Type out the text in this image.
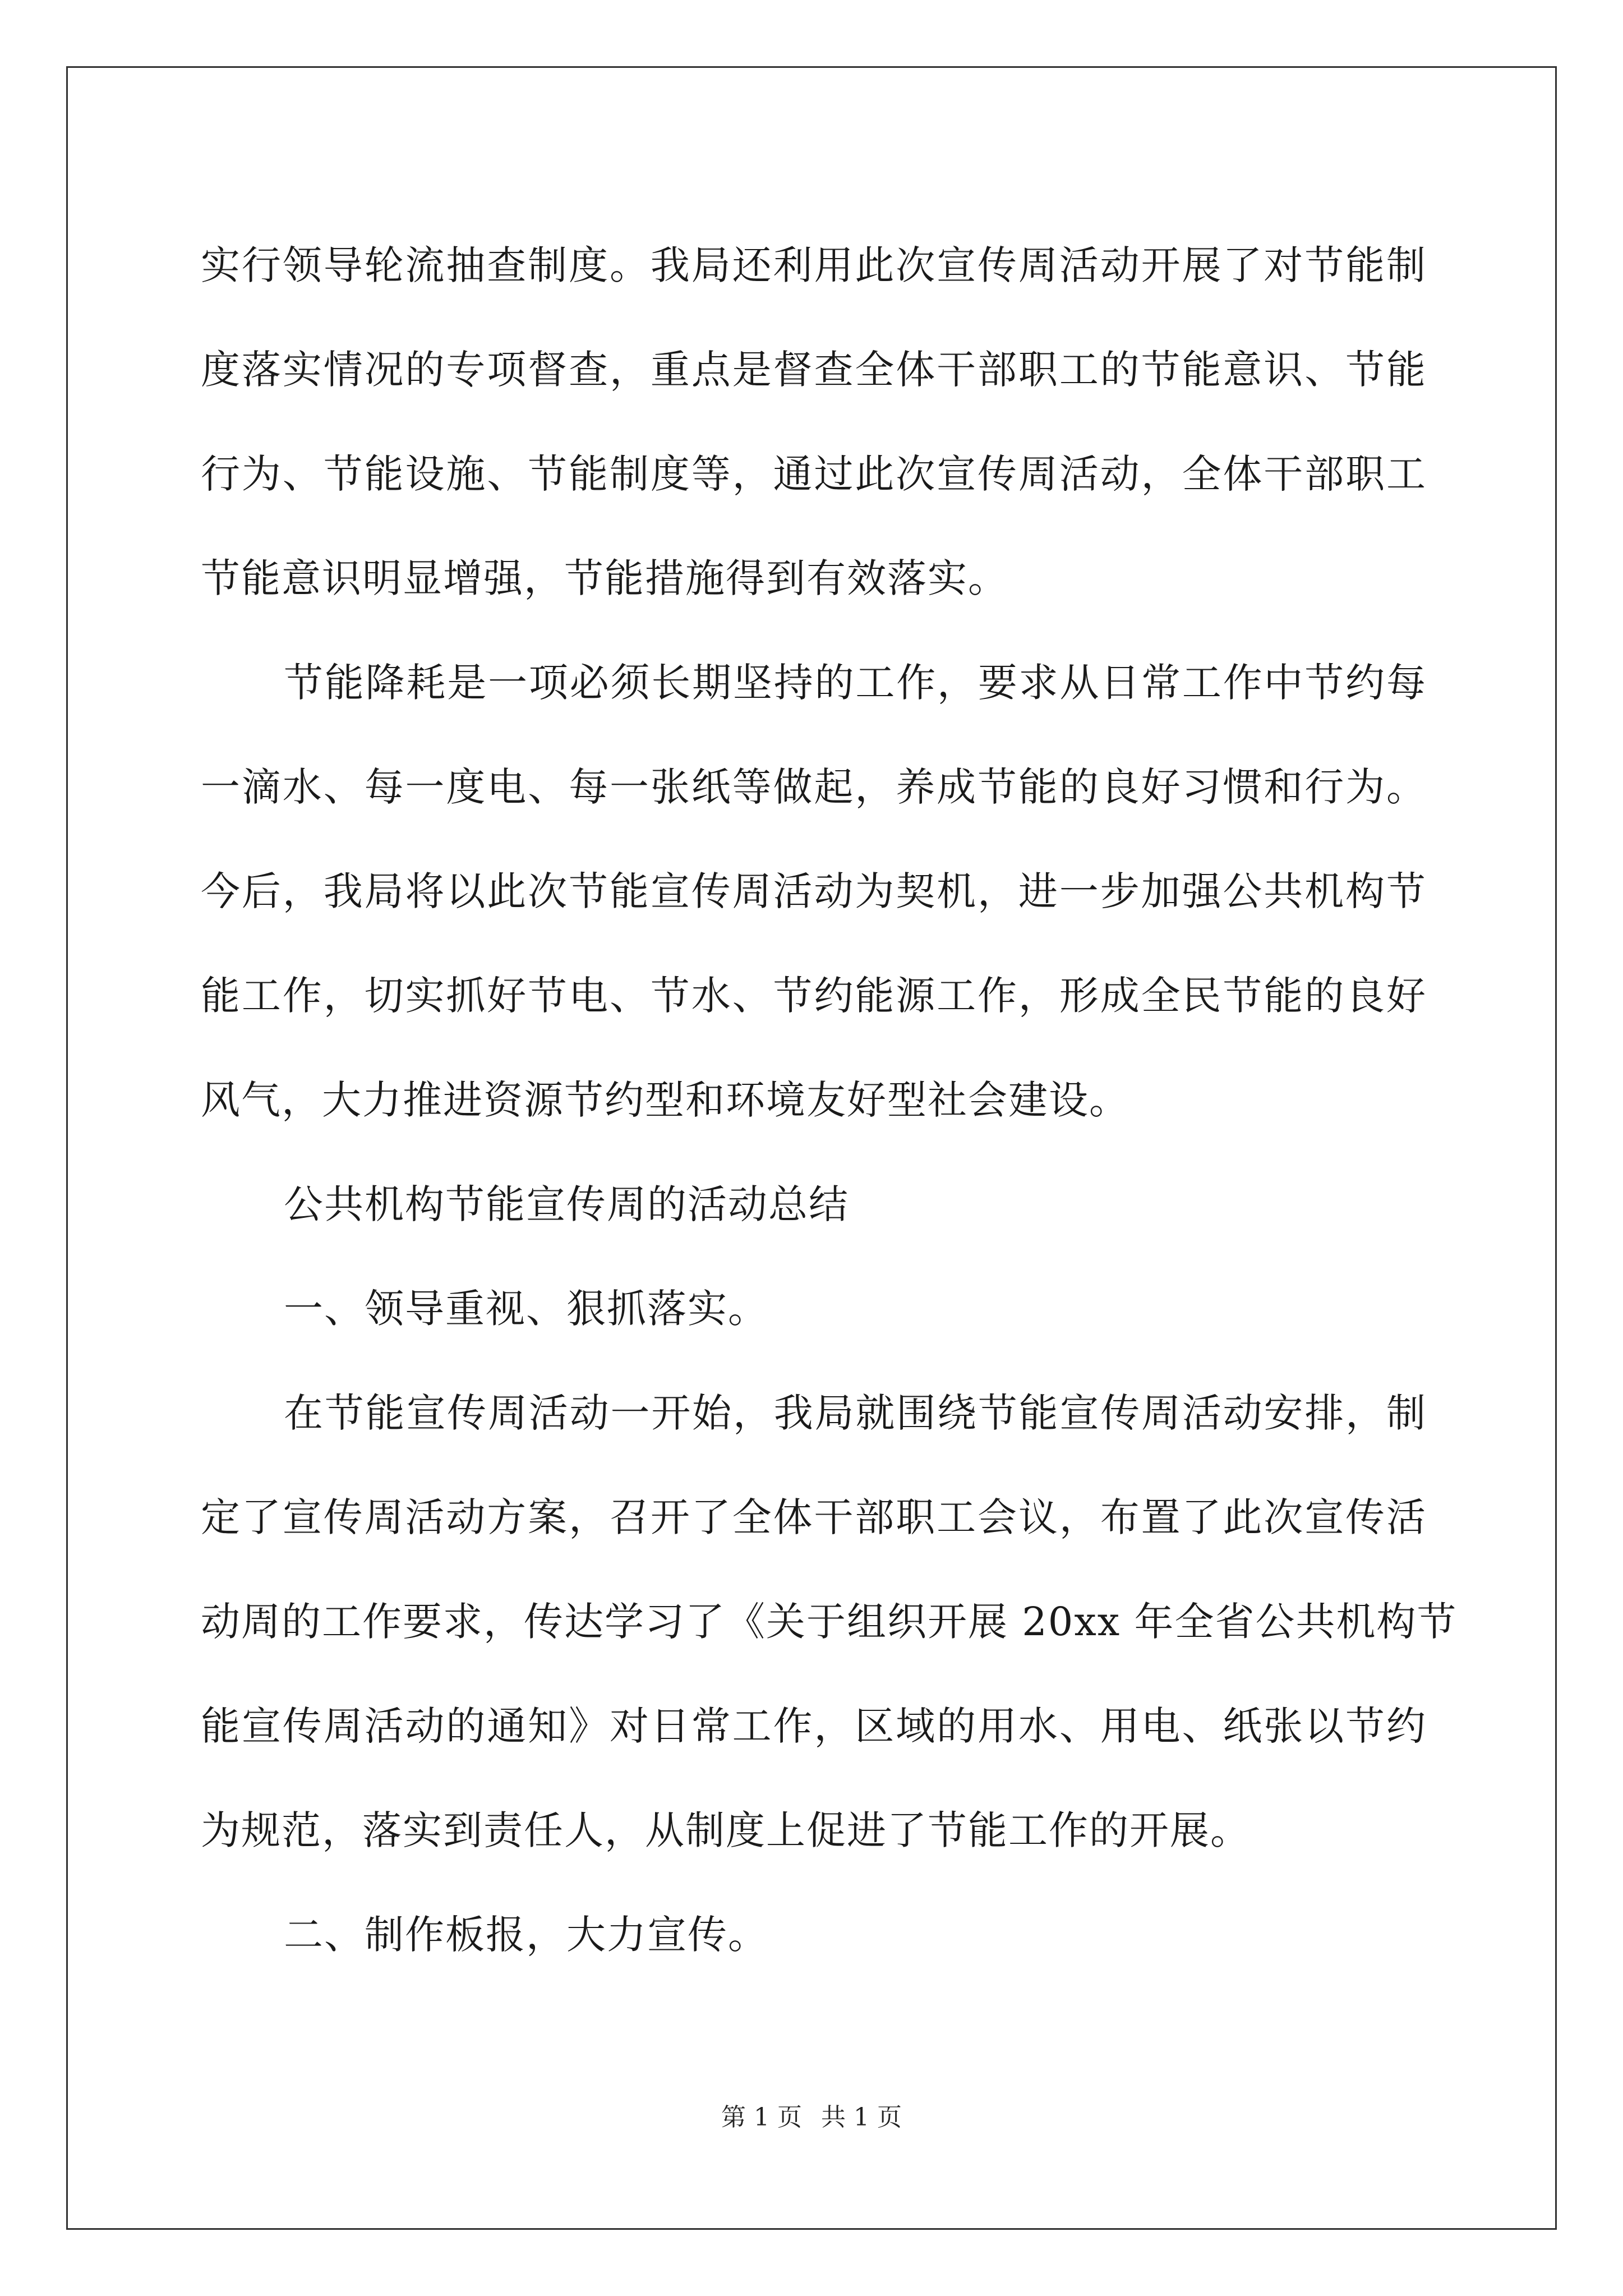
实行领导轮流抽查制度。我局还利用此次宣传周活动开展了对节能制
度落实情况的专项督查，重点是督查全体干部职工的节能意识、节能
行为、节能设施、节能制度等，通过此次宣传周活动，全体干部职工
节能意识明显增强，节能措施得到有效落实。

节能降耗是一项必须长期坚持的工作，要求从日常工作中节约每
一滴水、每一度电、每一张纸等做起，养成节能的良好习惯和行为。
今后，我局将以此次节能宣传周活动为契机，进一步加强公共机构节
能工作，切实抓好节电、节水、节约能源工作，形成全民节能的良好
风气，大力推进资源节约型和环境友好型社会建设。

公共机构节能宣传周的活动总结

一、领导重视、狠抓落实。

在节能宣传周活动一开始，我局就围绕节能宣传周活动安排，制
定了宣传周活动方案，召开了全体干部职工会议，布置了此次宣传活
动周的工作要求，传达学习了《关于组织开展 20xx 年全省公共机构节
能宣传周活动的通知》对日常工作，区域的用水、用电、纸张以节约
为规范，落实到责任人，从制度上促进了节能工作的开展。

二、制作板报，大力宣传。

第 1 页 共 1 页
